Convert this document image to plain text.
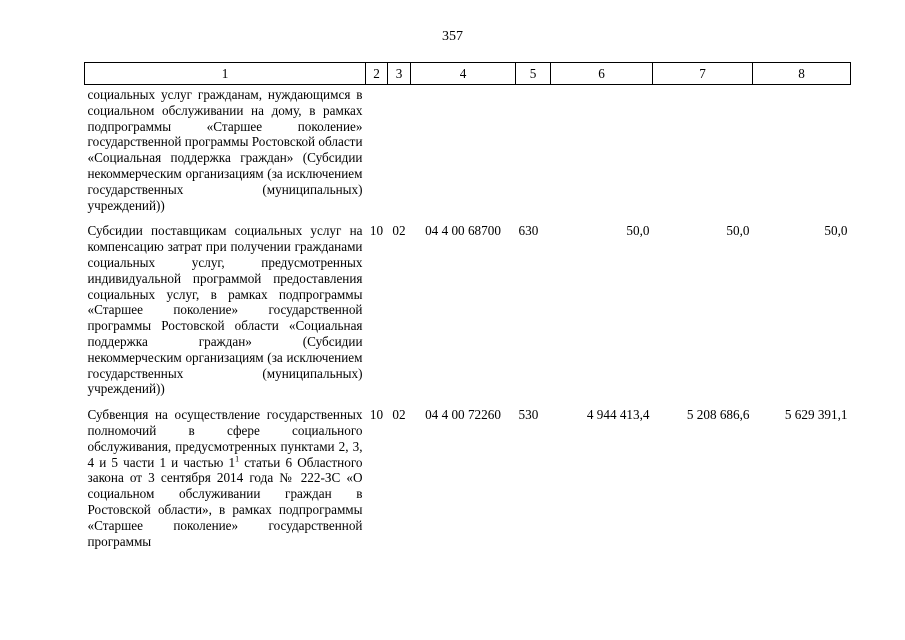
357
1	2	3	4	5	6	7	8
социальных услуг гражданам, нуждающимся в социальном обслуживании на дому, в рамках подпрограммы «Старшее поколение» государственной программы Ростовской области «Социальная поддержка граждан» (Субсидии некоммерческим организациям (за исключением государственных (муниципальных) учреждений))							
Субсидии поставщикам социальных услуг на компенсацию затрат при получении гражданами социальных услуг, предусмотренных индивидуальной программой предоставления социальных услуг, в рамках подпрограммы «Старшее поколение» государственной программы Ростовской области «Социальная поддержка граждан» (Субсидии некоммерческим организациям (за исключением государственных (муниципальных) учреждений))	10	02	04 4 00 68700	630	50,0	50,0	50,0
Субвенция на осуществление государственных полномочий в сфере социального обслуживания, предусмотренных пунктами 2, 3, 4 и 5 части 1 и частью $1^1$ статьи 6 Областного закона от 3 сентября 2014 года № 222-ЗС «О социальном обслуживании граждан в Ростовской области», в рамках подпрограммы «Старшее поколение» государственной программы	10	02	04 4 00 72260	530	4 944 413,4	5 208 686,6	5 629 391,1
